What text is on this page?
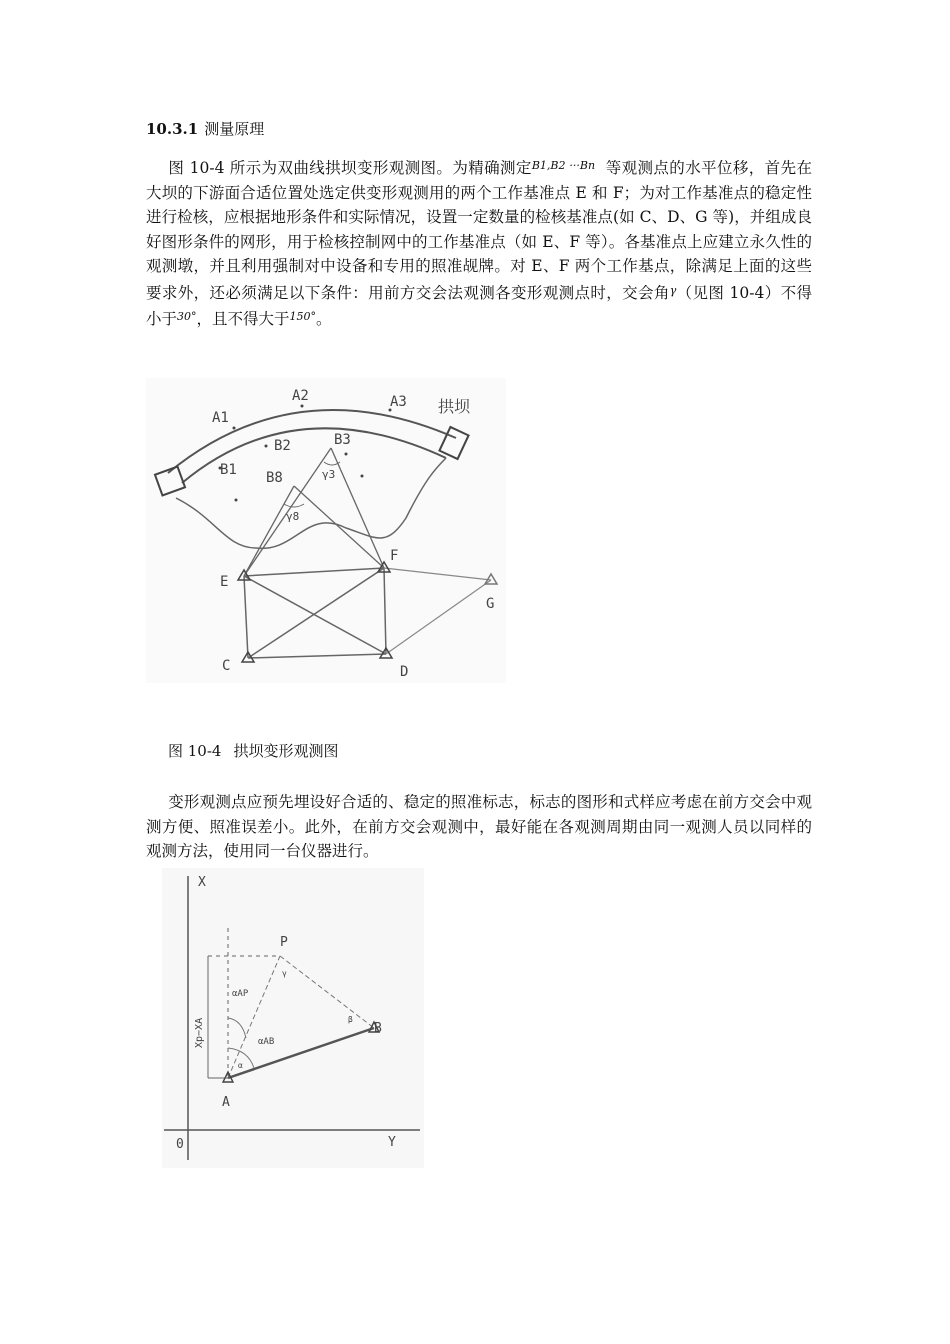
10.3.1 测量原理
图 10-4 所示为双曲线拱坝变形观测图。为精确测定$^{B1,B2 \cdot\cdot\cdot Bn}$ 等观测点的水平位移，首先在大坝的下游面合适位置处选定供变形观测用的两个工作基准点 E 和 F；为对工作基准点的稳定性进行检核，应根据地形条件和实际情况，设置一定数量的检核基准点(如 C、D、G 等)，并组成良好图形条件的网形，用于检核控制网中的工作基准点（如 E、F 等）。各基准点上应建立永久性的观测墩，并且利用强制对中设备和专用的照准觇牌。对 E、F 两个工作基点，除满足上面的这些要求外，还必须满足以下条件：用前方交会法观测各变形观测点时，交会角$^\gamma$（见图 10-4）不得小于$^{30^\circ}$，且不得大于$^{150^\circ}$。
A1
A2	A3 拱坝
B1
B2	B3
B8	γ3
γ8
E
F
G
C	D
图 10-4 拱坝变形观测图
变形观测点应预先埋设好合适的、稳定的照准标志，标志的图形和式样应考虑在前方交会中观测方便、照准误差小。此外，在前方交会观测中，最好能在各观测周期由同一观测人员以同样的观测方法，使用同一台仪器进行。
X
Y
0
P
A
B
Xp−XA
αAP
αAB
α
β
γ
